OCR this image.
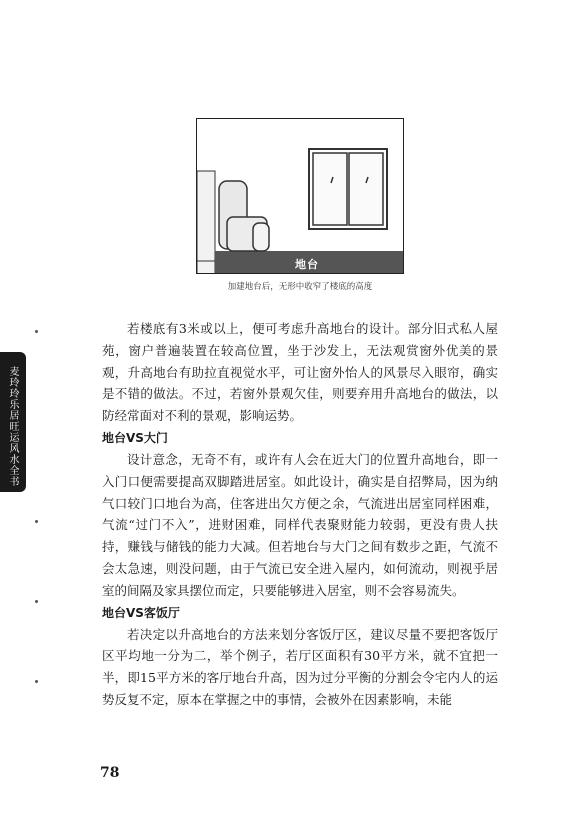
地台
加建地台后，无形中收窄了楼底的高度
麦玲玲乐居旺运风水全书

若楼底有3米或以上，便可考虑升高地台的设计。部分旧式私人屋苑，窗户普遍装置在较高位置，坐于沙发上，无法观赏窗外优美的景观，升高地台有助拉直视觉水平，可让窗外怡人的风景尽入眼帘，确实是不错的做法。不过，若窗外景观欠佳，则要弃用升高地台的做法，以防经常面对不利的景观，影响运势。

地台VS大门

设计意念，无奇不有，或许有人会在近大门的位置升高地台，即一入门口便需要提高双脚踏进居室。如此设计，确实是自招弊局，因为纳气口较门口地台为高，住客进出欠方便之余，气流进出居室同样困难，气流“过门不入”，进财困难，同样代表聚财能力较弱，更没有贵人扶持，赚钱与储钱的能力大减。但若地台与大门之间有数步之距，气流不会太急速，则没问题，由于气流已安全进入屋内，如何流动，则视乎居室的间隔及家具摆位而定，只要能够进入居室，则不会容易流失。

地台VS客饭厅

若决定以升高地台的方法来划分客饭厅区，建议尽量不要把客饭厅区平均地一分为二，举个例子，若厅区面积有30平方米，就不宜把一半，即15平方米的客厅地台升高，因为过分平衡的分割会令宅内人的运势反复不定，原本在掌握之中的事情，会被外在因素影响，未能

78
